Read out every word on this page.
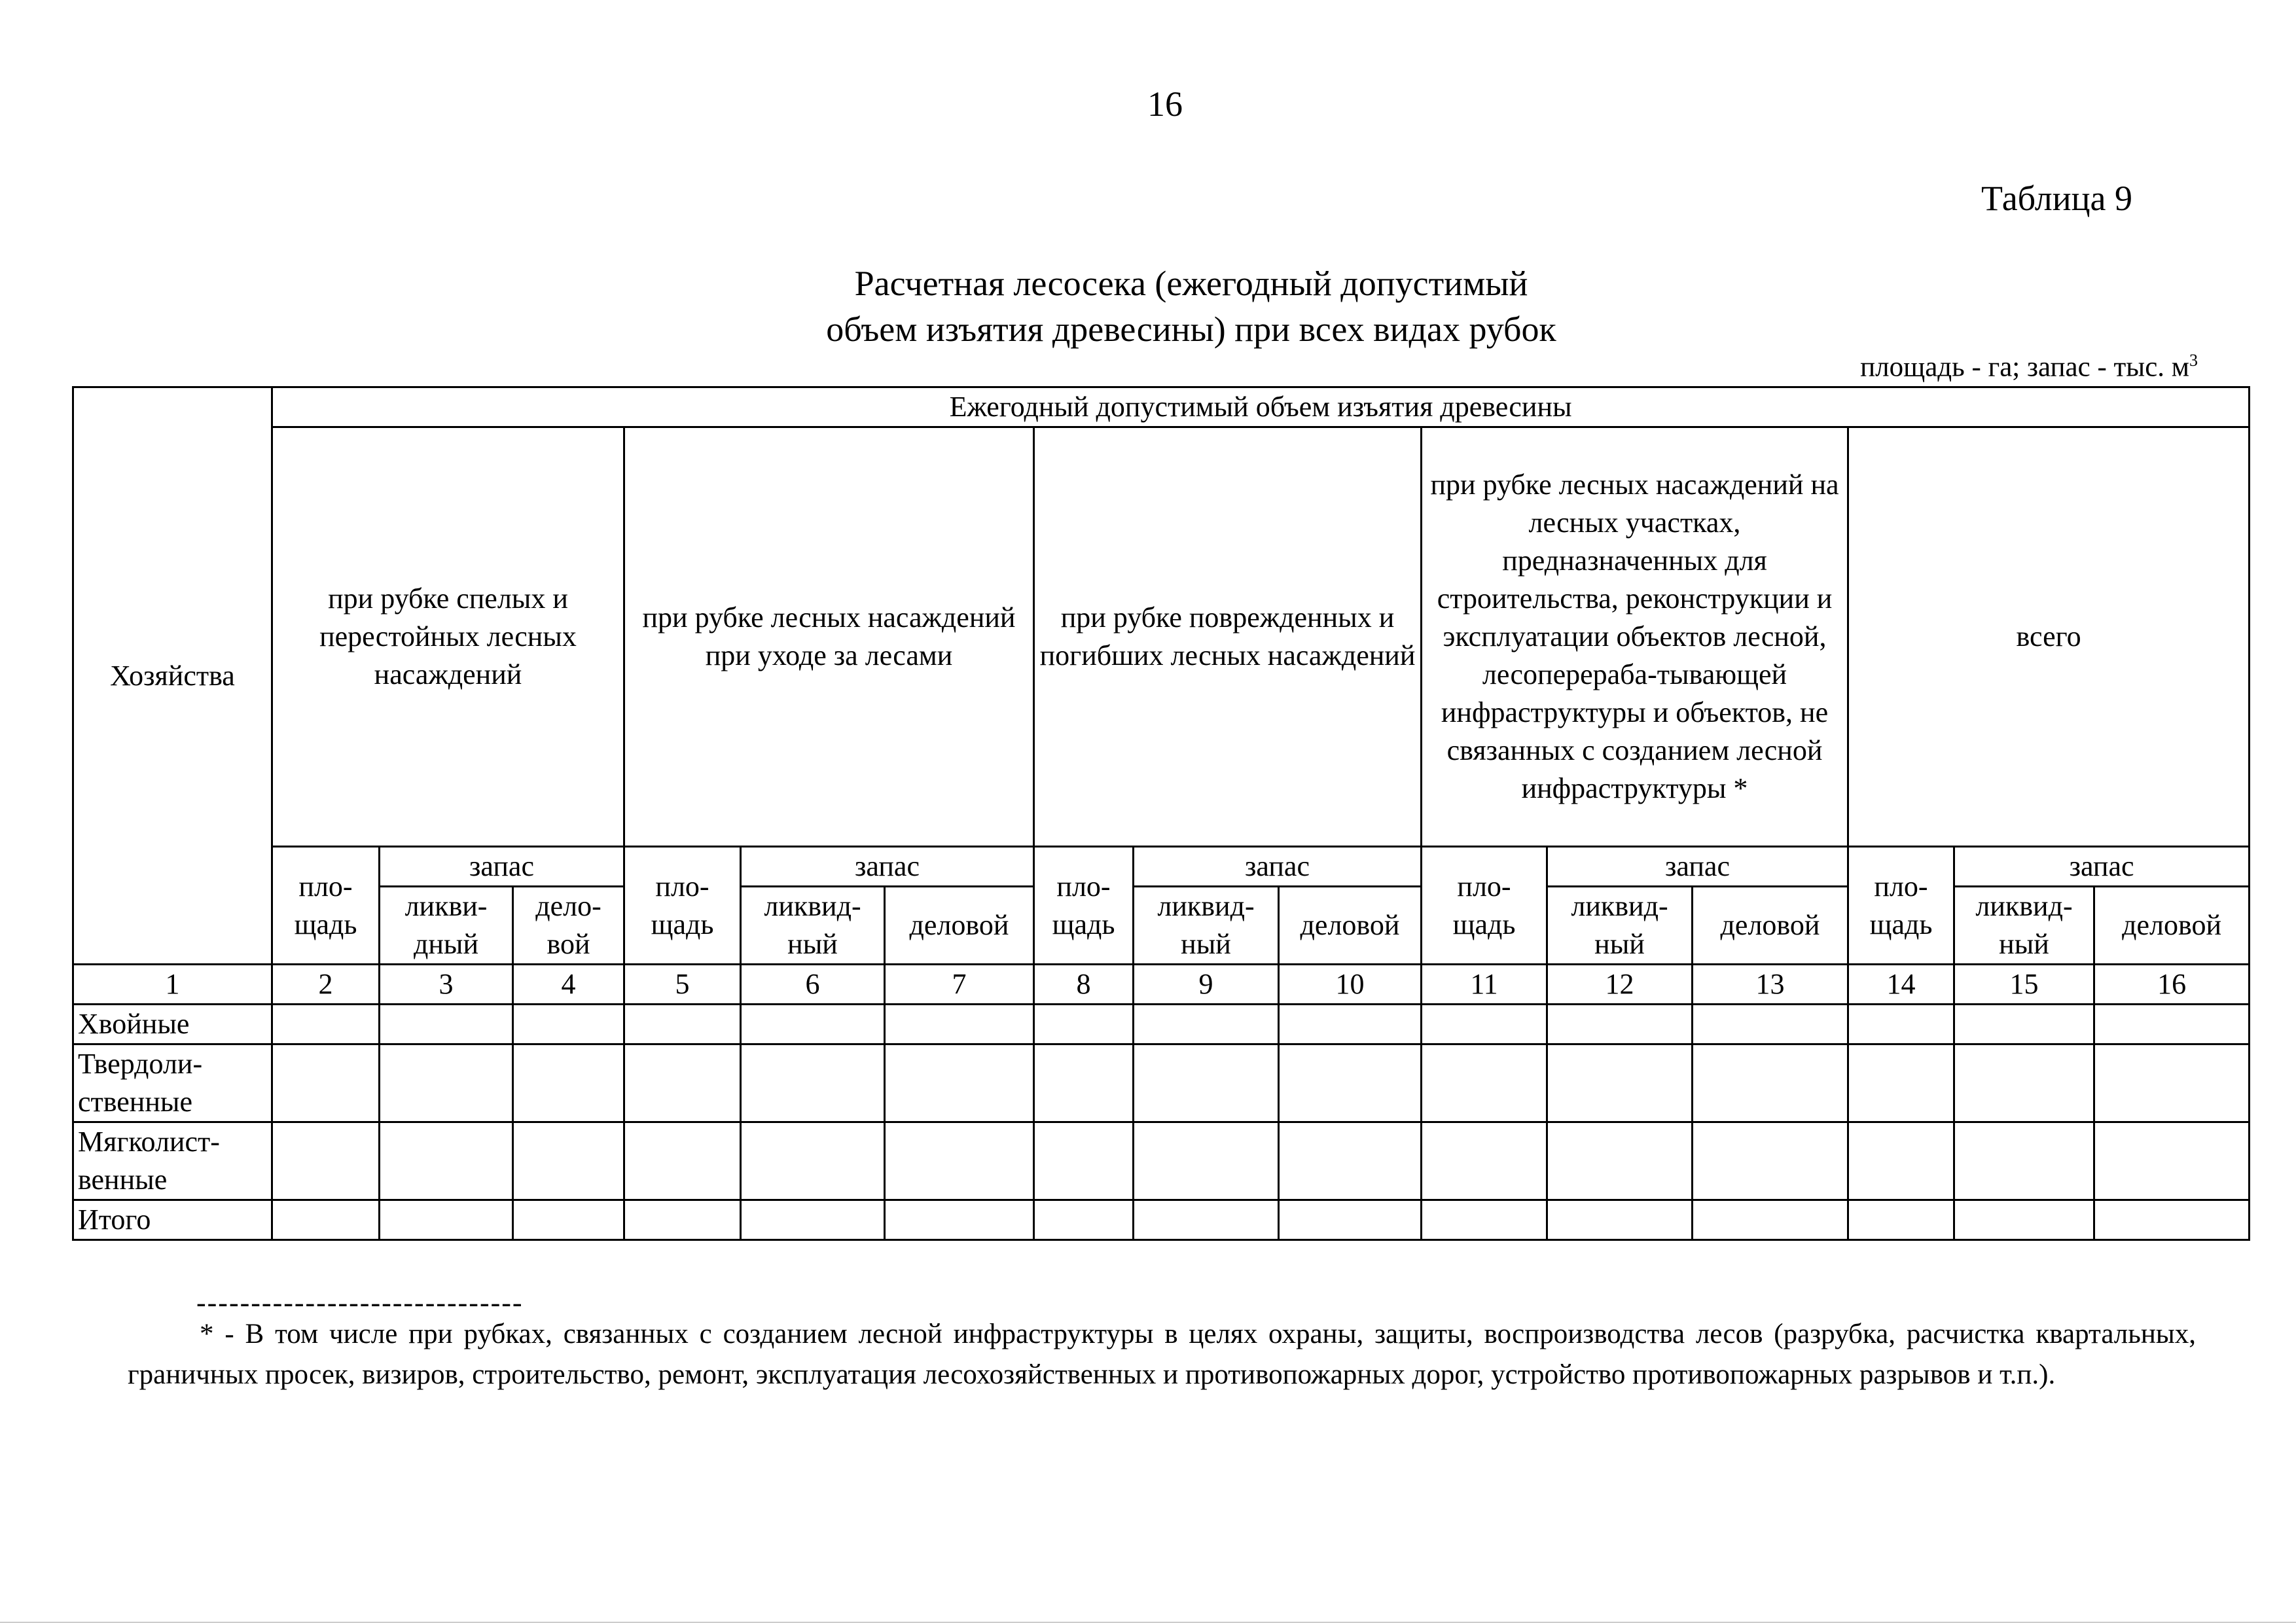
16
Таблица 9
Расчетная лесосека (ежегодный допустимый
объем изъятия древесины) при всех видах рубок
площадь - га; запас - тыс. $м^3$
Хозяйства	Ежегодный допустимый объем изъятия древесины														
	при рубке спелых и перестойных лесных насаждений			при рубке лесных насаждений при уходе за лесами			при рубке поврежденных и погибших лесных насаждений			при рубке лесных насаждений на лесных участках, предназначенных для строительства, реконструкции и эксплуатации объектов лесной, лесоперераба-тывающей инфраструктуры и объектов, не связанных с созданием лесной инфраструктуры *			всего		
	пло-щадь	запас		пло-щадь	запас		пло-щадь	запас		пло-щадь	запас		пло-щадь	запас	
		ликви-дный	дело-вой		ликвид-ный	деловой		ликвид-ный	деловой		ликвид-ный	деловой		ликвид-ный	деловой
1	2	3	4	5	6	7	8	9	10	11	12	13	14	15	16
Хвойные															
Твердоли-ственные															
Мягколист-венные															
Итого															
------------------------------
* - В том числе при рубках, связанных с созданием лесной инфраструктуры в целях охраны, защиты, воспроизводства лесов (разрубка, расчистка квартальных, граничных просек, визиров, строительство, ремонт, эксплуатация лесохозяйственных и противопожарных дорог, устройство противопожарных разрывов и т.п.).
